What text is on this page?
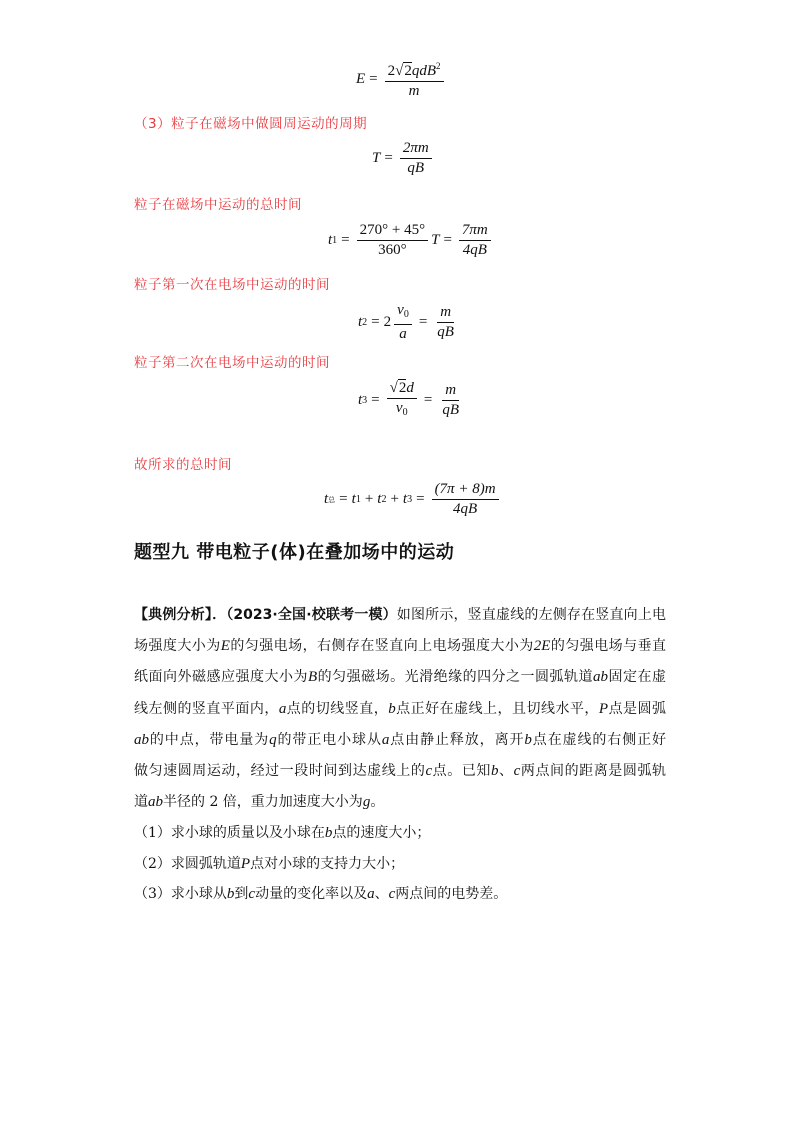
$E = \frac{2√2qdB^2}{m}$
（3）粒子在磁场中做圆周运动的周期
$T = \frac{2\pi m}{qB}$
粒子在磁场中运动的总时间
t $1 = \frac{270^\circ + 45^\circ}{360^\circ}$ $T = \frac{7\pi m}{4qB}$
粒子第一次在电场中运动的时间
t $2 = 2 \frac{v_0}{a} = \frac{m}{qB}$
粒子第二次在电场中运动的时间
t $3 = \frac{√2d}{v_0} = \frac{m}{qB}$
故所求的总时间
t 总 = t 1 + t 2 + t $3 = \frac{(7\pi + 8)m}{4qB}$
题型九 带电粒子(体)在叠加场中的运动
【典例分析】．（2023·全国·校联考一模）如图所示，竖直虚线的左侧存在竖直向上电
场强度大小为E的匀强电场，右侧存在竖直向上电场强度大小为2E的匀强电场与垂直
纸面向外磁感应强度大小为B的匀强磁场。光滑绝缘的四分之一圆弧轨道ab固定在虚
线左侧的竖直平面内，a点的切线竖直，b点正好在虚线上，且切线水平，P点是圆弧
ab的中点，带电量为q的带正电小球从a点由静止释放，离开b点在虚线的右侧正好
做匀速圆周运动，经过一段时间到达虚线上的c点。已知b、c两点间的距离是圆弧轨
道ab半径的 2 倍，重力加速度大小为g。
（1）求小球的质量以及小球在b点的速度大小；
（2）求圆弧轨道P点对小球的支持力大小；
（3）求小球从b到c动量的变化率以及a、c两点间的电势差。
